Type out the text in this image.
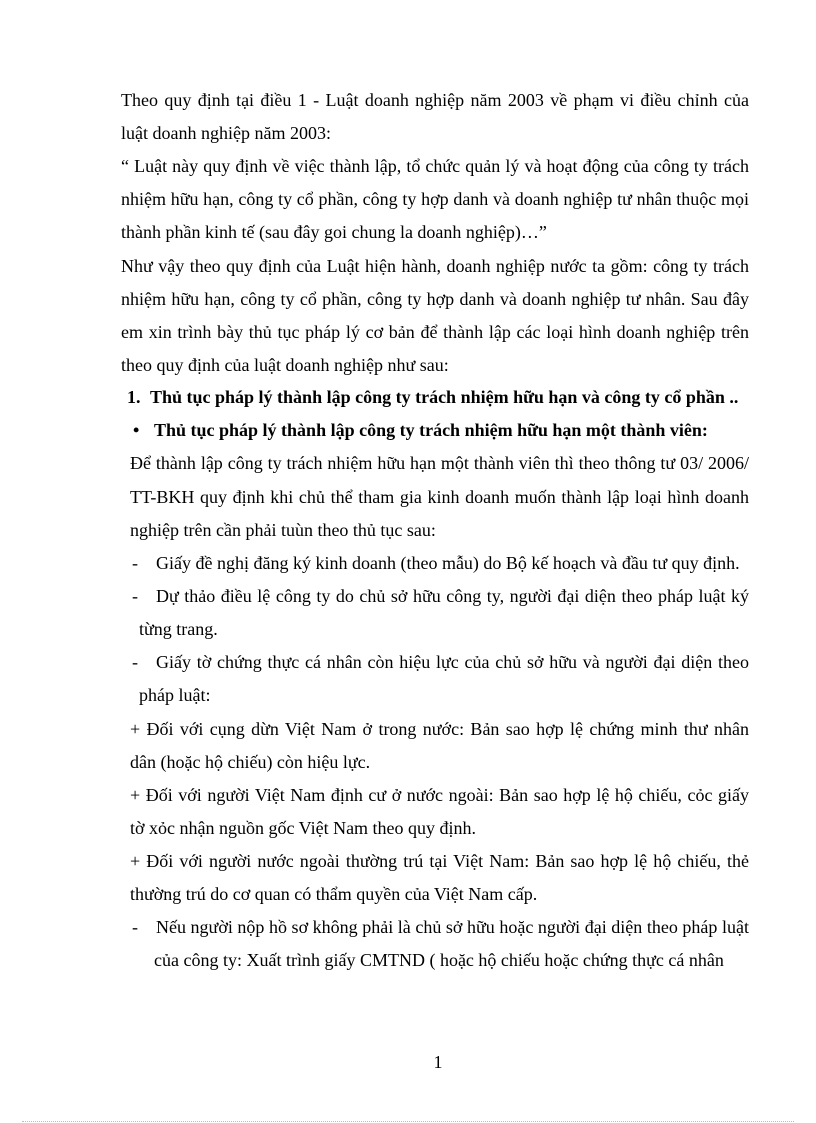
Theo quy định tại điều 1 - Luật doanh nghiệp năm 2003 về phạm vi điều chỉnh của
luật doanh nghiệp năm 2003:
“ Luật này quy định về việc thành lập, tổ chức quản lý và hoạt động của công ty trách
nhiệm hữu hạn, công ty cổ phần, công ty hợp danh và doanh nghiệp tư nhân thuộc mọi
thành phần kinh tế (sau đây goi chung la doanh nghiệp)…”
Như vậy theo quy định của Luật hiện hành, doanh nghiệp nước ta gồm: công ty trách
nhiệm hữu hạn, công ty cổ phần, công ty hợp danh và doanh nghiệp tư nhân. Sau đây
em xin trình bày thủ tục pháp lý cơ bản để thành lập các loại hình doanh nghiệp trên
theo quy định của luật doanh nghiệp như sau:
1. Thủ tục pháp lý thành lập công ty trách nhiệm hữu hạn và công ty cổ phần ..
• Thủ tục pháp lý thành lập công ty trách nhiệm hữu hạn một thành viên:
Để thành lập công ty trách nhiệm hữu hạn một thành viên thì theo thông tư 03/ 2006/
TT-BKH quy định khi chủ thể tham gia kinh doanh muốn thành lập loại hình doanh
nghiệp trên cần phải tuùn theo thủ tục sau:
- Giấy đề nghị đăng ký kinh doanh (theo mẫu) do Bộ kế hoạch và đầu tư quy định.
- Dự thảo điều lệ công ty do chủ sở hữu công ty, người đại diện theo pháp luật ký
từng trang.
- Giấy tờ chứng thực cá nhân còn hiệu lực của chủ sở hữu và người đại diện theo
pháp luật:
+ Đối với cụng dừn Việt Nam ở trong nước: Bản sao hợp lệ chứng minh thư nhân
dân (hoặc hộ chiếu) còn hiệu lực.
+ Đối với người Việt Nam định cư ở nước ngoài: Bản sao hợp lệ hộ chiếu, cỏc giấy
tờ xỏc nhận nguồn gốc Việt Nam theo quy định.
+ Đối với người nước ngoài thường trú tại Việt Nam: Bản sao hợp lệ hộ chiếu, thẻ
thường trú do cơ quan có thẩm quyền của Việt Nam cấp.
- Nếu người nộp hồ sơ không phải là chủ sở hữu hoặc người đại diện theo pháp luật
của công ty: Xuất trình giấy CMTND ( hoặc hộ chiếu hoặc chứng thực cá nhân
1
